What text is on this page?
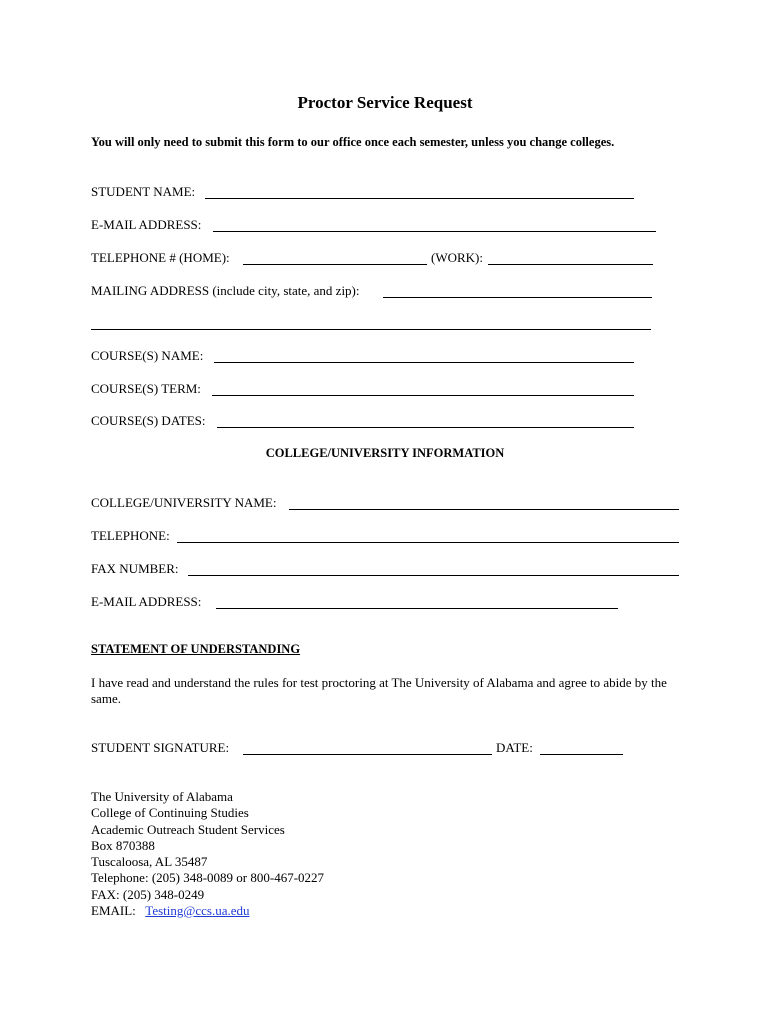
Proctor Service Request
You will only need to submit this form to our office once each semester, unless you change colleges.
STUDENT NAME:
E-MAIL ADDRESS:
TELEPHONE # (HOME):	(WORK):
MAILING ADDRESS (include city, state, and zip):
COURSE(S) NAME:
COURSE(S) TERM:
COURSE(S) DATES:
COLLEGE/UNIVERSITY INFORMATION
COLLEGE/UNIVERSITY NAME:
TELEPHONE:
FAX NUMBER:
E-MAIL ADDRESS:
STATEMENT OF UNDERSTANDING
I have read and understand the rules for test proctoring at The University of Alabama and agree to abide by the same.
STUDENT SIGNATURE:	DATE:
The University of Alabama
College of Continuing Studies
Academic Outreach Student Services
Box 870388
Tuscaloosa, AL 35487
Telephone: (205) 348-0089 or 800-467-0227
FAX: (205) 348-0249
EMAIL: Testing@ccs.ua.edu
